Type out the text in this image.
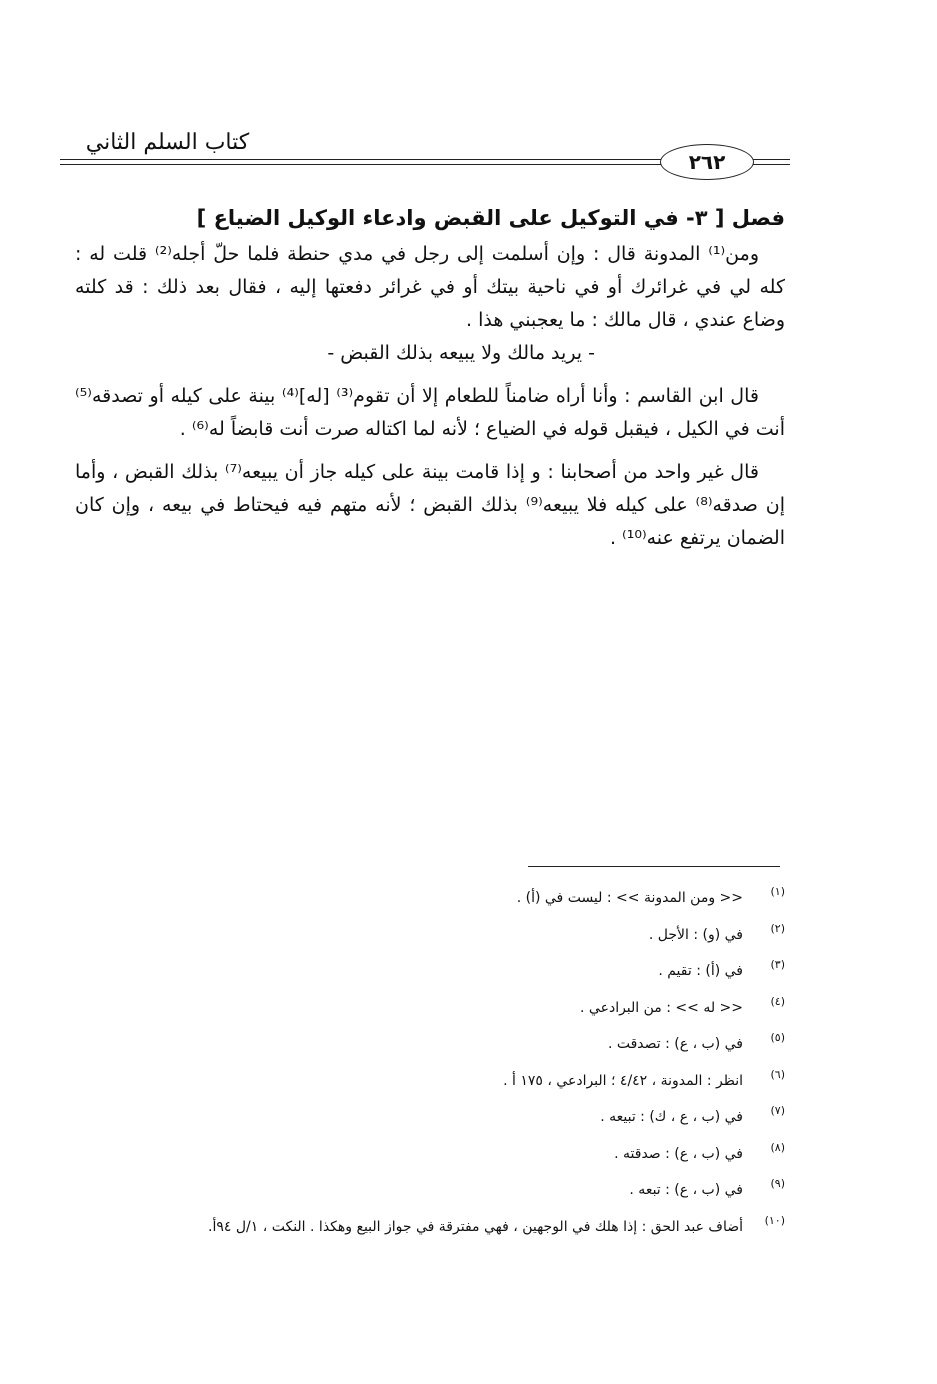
كتاب السلم الثاني
٢٦٢

فصل [ ٣- في التوكيل على القبض وادعاء الوكيل الضياع ]

ومن⁽¹⁾ المدونة قال : وإن أسلمت إلى رجل في مدي حنطة فلما حلّ أجله⁽²⁾ قلت له : كله لي في غرائرك أو في ناحية بيتك أو في غرائر دفعتها إليه ، فقال بعد ذلك : قد كلته وضاع عندي ، قال مالك : ما يعجبني هذا .

- يريد مالك ولا يبيعه بذلك القبض -

قال ابن القاسم : وأنا أراه ضامناً للطعام إلا أن تقوم⁽³⁾ [له]⁽⁴⁾ بينة على كيله أو تصدقه⁽⁵⁾ أنت في الكيل ، فيقبل قوله في الضياع ؛ لأنه لما اكتاله صرت أنت قابضاً له⁽⁶⁾ .

قال غير واحد من أصحابنا : و إذا قامت بينة على كيله جاز أن يبيعه⁽⁷⁾ بذلك القبض ، وأما إن صدقه⁽⁸⁾ على كيله فلا يبيعه⁽⁹⁾ بذلك القبض ؛ لأنه متهم فيه فيحتاط في بيعه ، وإن كان الضمان يرتفع عنه⁽¹⁰⁾ .

(١)<< ومن المدونة >> : ليست في (أ) .
(٢)في (و) : الأجل .
(٣)في (أ) : تقيم .
(٤)<< له >> : من البرادعي .
(٥)في (ب ، ع) : تصدقت .
(٦)انظر : المدونة ، ٤/٤٢ ؛ البرادعي ، ١٧٥ أ .
(٧)في (ب ، ع ، ك) : تبيعه .
(٨)في (ب ، ع) : صدقته .
(٩)في (ب ، ع) : تبعه .
(١٠)أضاف عبد الحق : إذا هلك في الوجهين ، فهي مفترقة في جواز البيع وهكذا . النكت ، ١/ل ٩٤أ.
